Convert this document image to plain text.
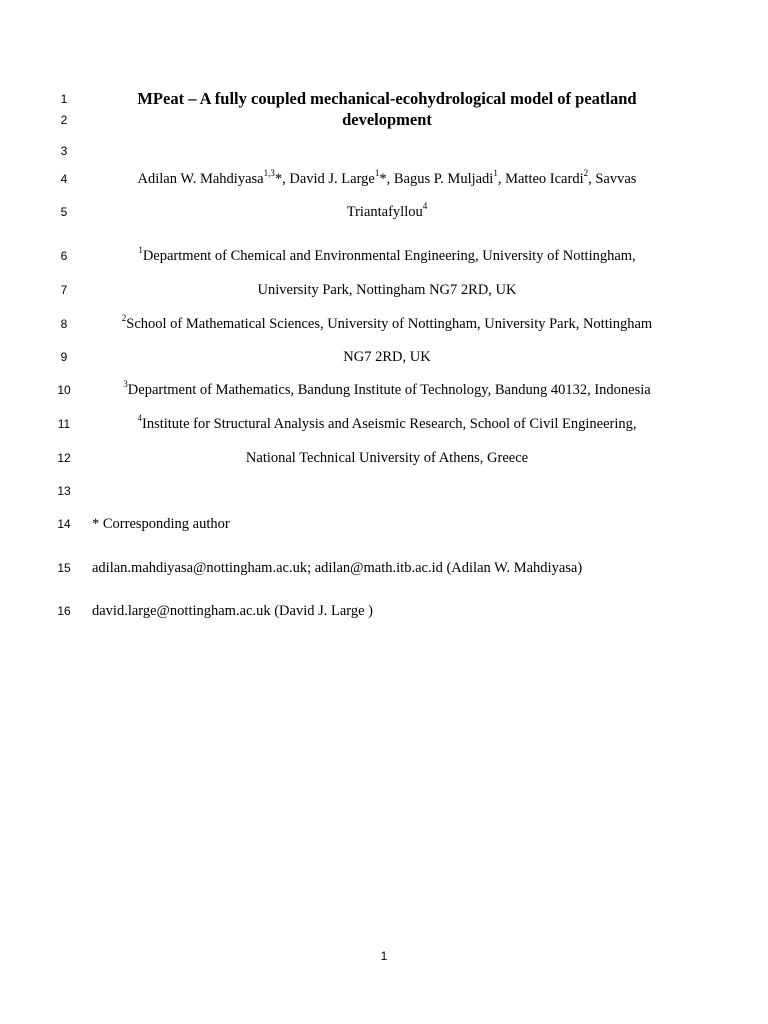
1
2
3
4
5
6
7
8
9
10
11
12
13
14
15
16
MPeat – A fully coupled mechanical-ecohydrological model of peatland
development
Adilan W. Mahdiyasa$^{1,3}$*, David J. Large$^1$*, Bagus P. Muljadi$^1$, Matteo Icardi$^2$, Savvas
Triantafyllou$^4$
$^1$Department of Chemical and Environmental Engineering, University of Nottingham,
University Park, Nottingham NG7 2RD, UK
$^2$School of Mathematical Sciences, University of Nottingham, University Park, Nottingham
NG7 2RD, UK
$^3$Department of Mathematics, Bandung Institute of Technology, Bandung 40132, Indonesia
$^4$Institute for Structural Analysis and Aseismic Research, School of Civil Engineering,
National Technical University of Athens, Greece
* Corresponding author
adilan.mahdiyasa@nottingham.ac.uk; adilan@math.itb.ac.id (Adilan W. Mahdiyasa)
david.large@nottingham.ac.uk (David J. Large )
1
